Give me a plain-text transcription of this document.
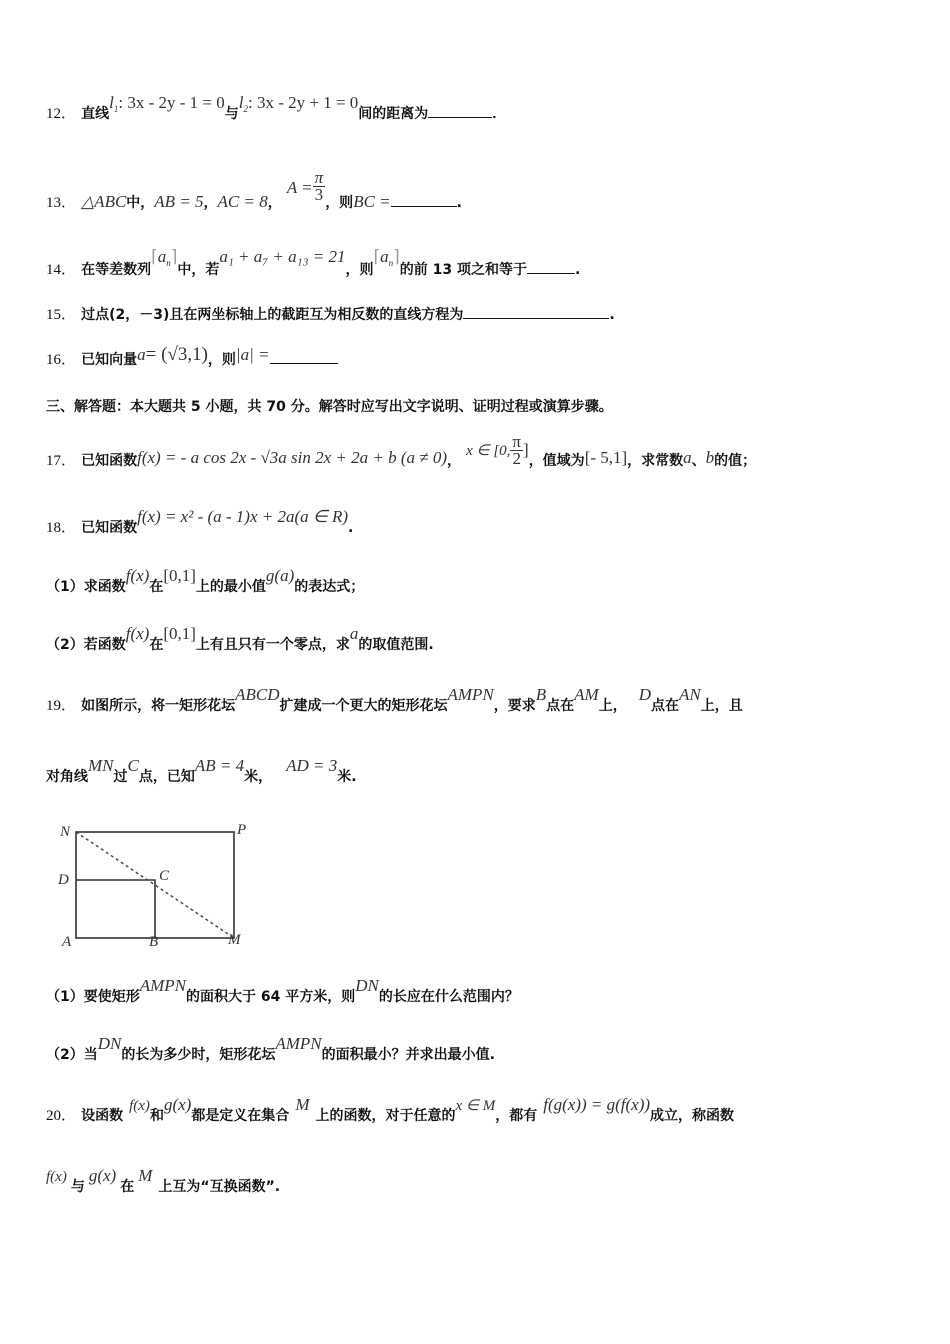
12． 直线$l_1$: 3x - 2y - 1 = 0与$l_2$: 3x - 2y + 1 = 0间的距离为	．
13． △ABC中，AB = 5，AC = 8， $A = \frac{\pi}{3}$ ，则BC =	.
14． 在等差数列$⌈a_n⌉$中，若a₁ + a₇ + a₁₃ = 21，则$⌈a_n⌉$的前 13 项之和等于	.
15． 过点(2，－3)且在两坐标轴上的截距互为相反数的直线方程为	.
16． 已知向量a= (√3,1)，则|a| =
三、解答题：本大题共 5 小题，共 70 分。解答时应写出文字说明、证明过程或演算步骤。
17． 已知函数f(x) = - a cos 2x - √3a sin 2x + 2a + b (a ≠ 0)， x ∈ [0, $\frac{\pi}{2}$ ]，值域为[- 5,1]，求常数a、b的值；
18． 已知函数f(x) = x² - (a - 1)x + 2a(a ∈ R).
（1）求函数f(x)在[0,1]上的最小值g(a)的表达式；
（2）若函数f(x)在[0,1]上有且只有一个零点，求a的取值范围.
19． 如图所示，将一矩形花坛ABCD扩建成一个更大的矩形花坛AMPN，要求B点在AM上，D点在AN上，且
对角线MN过C点，已知AB = 4米，AD = 3米.
N	P
D	C
A	B	M
（1）要使矩形AMPN的面积大于 64 平方米，则DN的长应在什么范围内？
（2）当DN的长为多少时，矩形花坛AMPN的面积最小？并求出最小值.
20． 设函数f(x)和g(x)都是定义在集合M上的函数，对于任意的x ∈ M，都有f(g(x)) = g(f(x))成立，称函数
f(x)与g(x)在M上互为“互换函数”.
